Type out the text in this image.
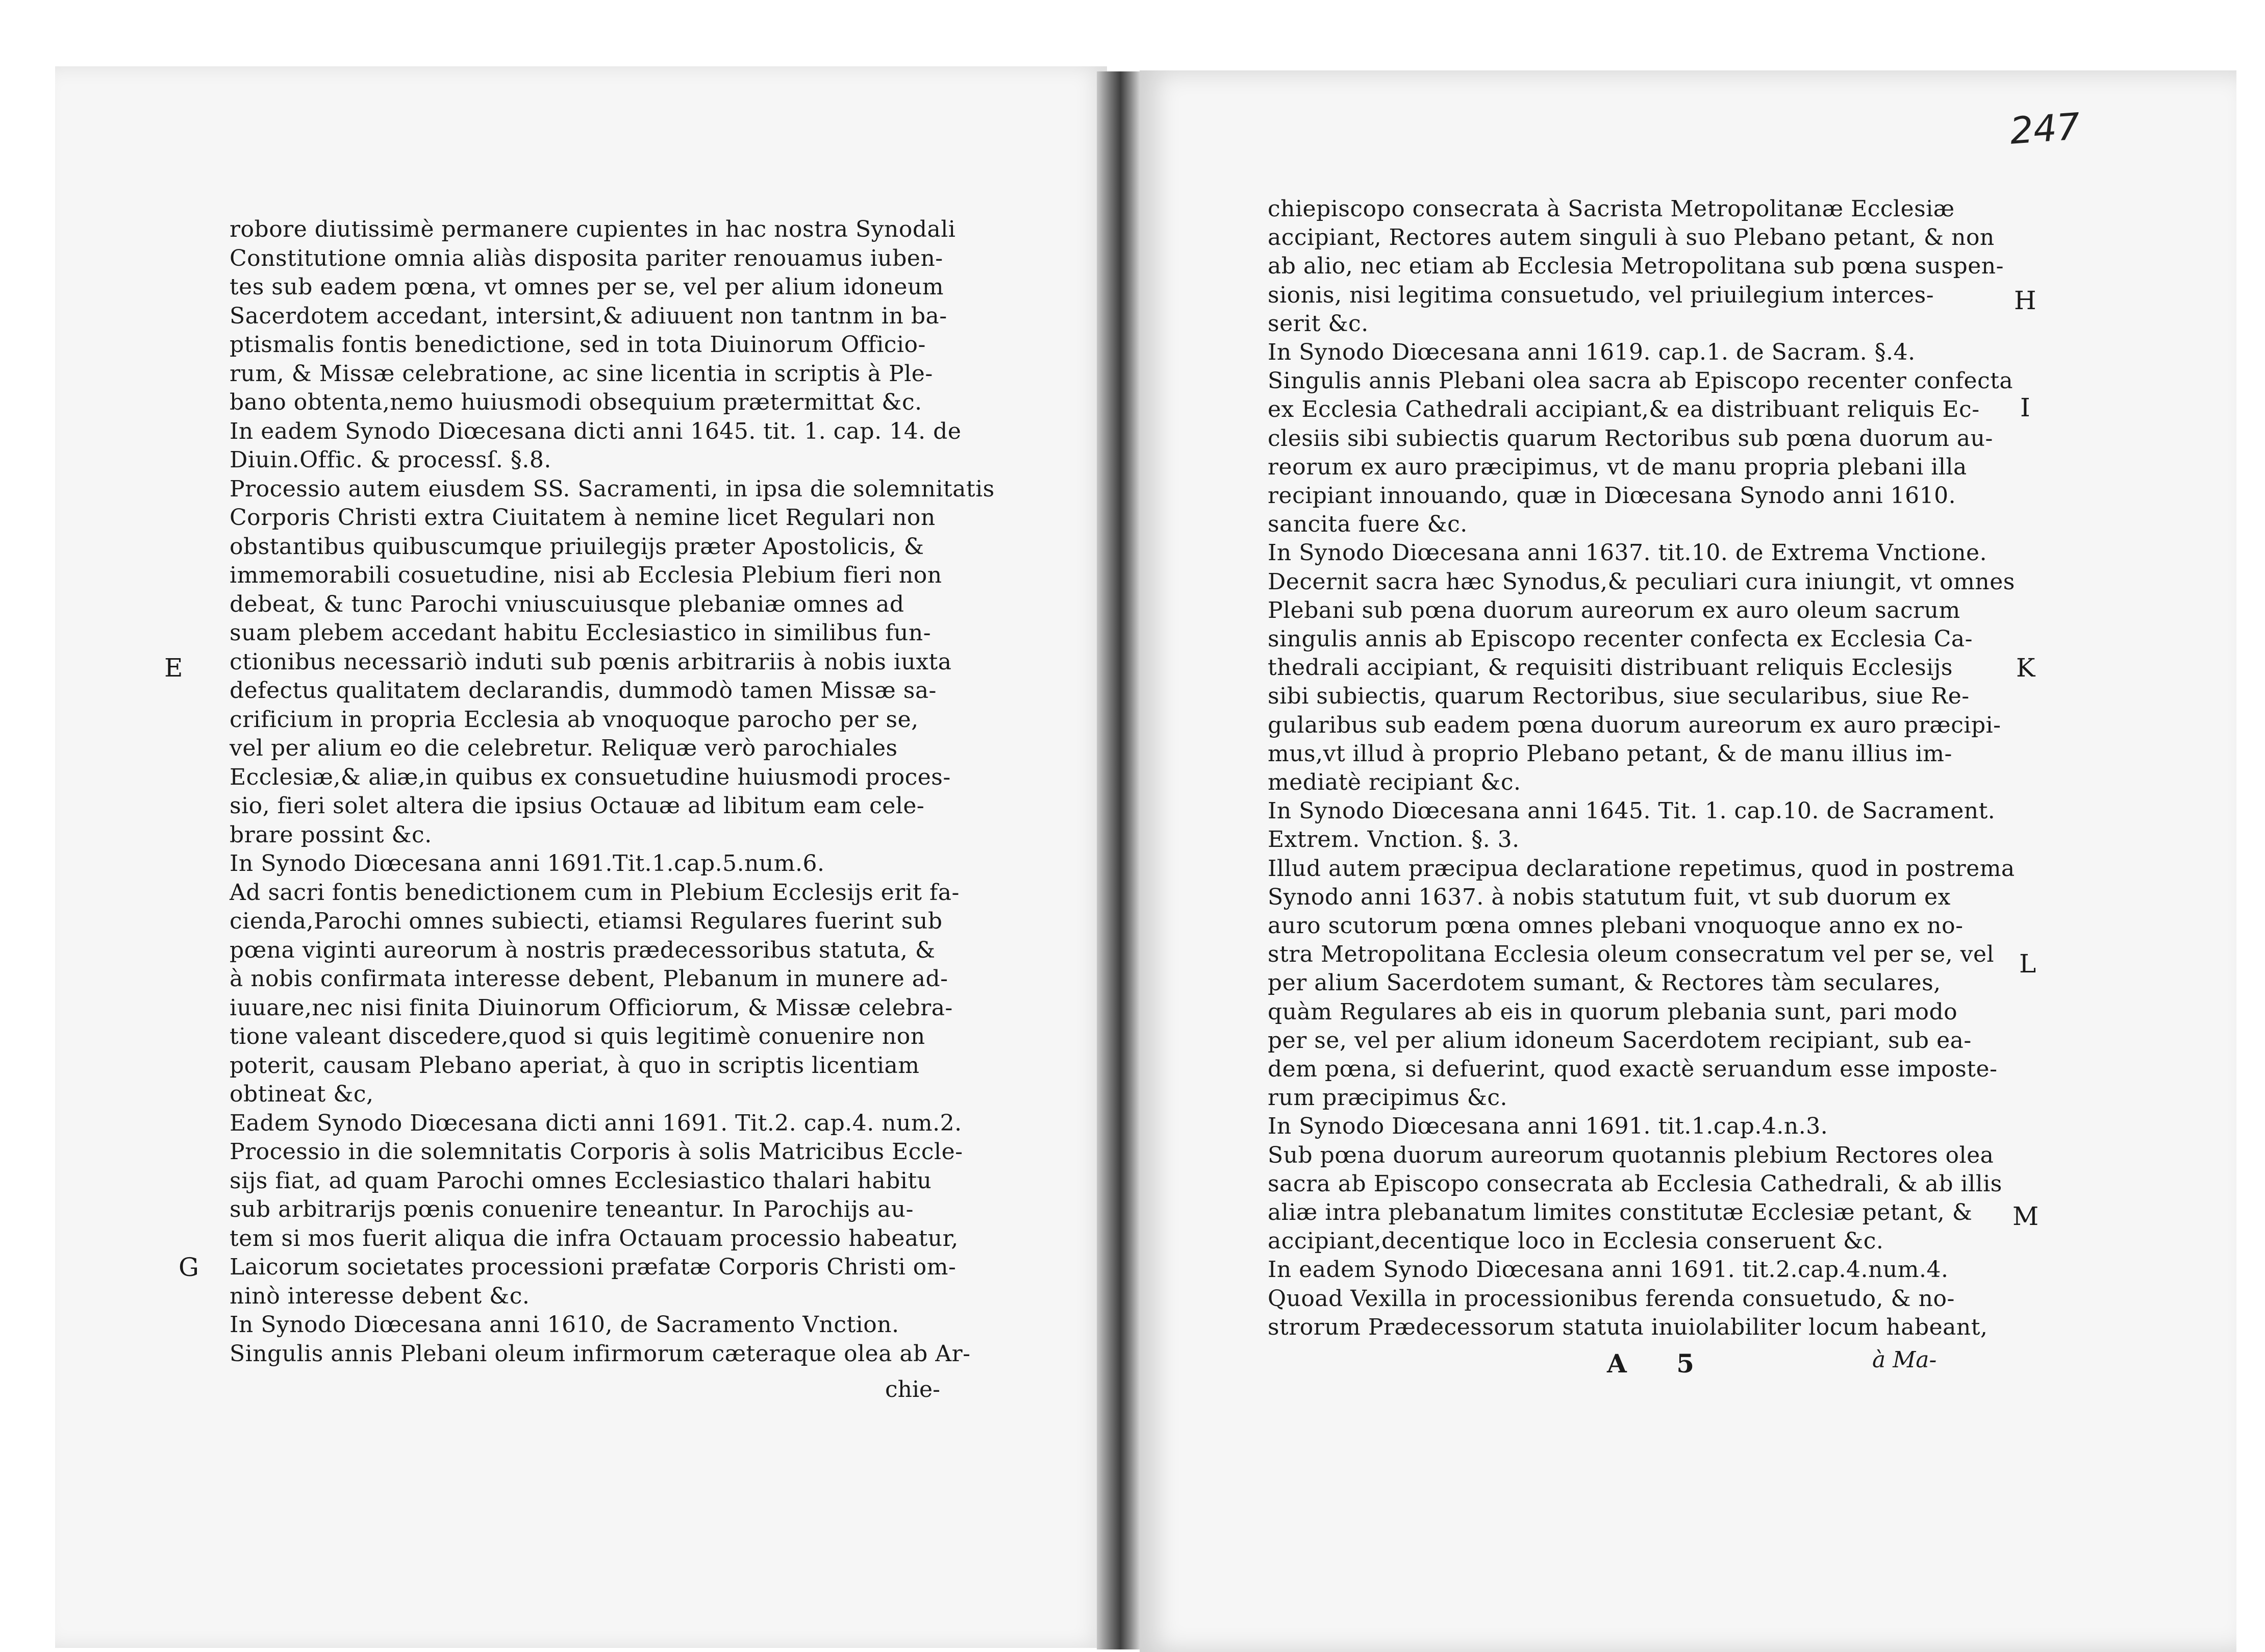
247
robore diutissimè permanere cupientes in hac nostra Synodali
Constitutione omnia aliàs disposita pariter renouamus iuben-
tes sub eadem pœna, vt omnes per se, vel per alium idoneum
Sacerdotem accedant, intersint,& adiuuent non tantnm in ba-
ptismalis fontis benedictione, sed in tota Diuinorum Officio-
rum, & Missæ celebratione, ac sine licentia in scriptis à Ple-
bano obtenta,nemo huiusmodi obsequium prætermittat &c.
In eadem Synodo Diœcesana dicti anni 1645. tit. 1. cap. 14. de
Diuin.Offic. & processſ. §.8.
Processio autem eiusdem SS. Sacramenti, in ipsa die solemnitatis
Corporis Christi extra Ciuitatem à nemine licet Regulari non
obstantibus quibuscumque priuilegijs præter Apostolicis, &
immemorabili cosuetudine, nisi ab Ecclesia Plebium fieri non
debeat, & tunc Parochi vniuscuiusque plebaniæ omnes ad
suam plebem accedant habitu Ecclesiastico in similibus fun-
ctionibus necessariò induti sub pœnis arbitrariis à nobis iuxta
defectus qualitatem declarandis, dummodò tamen Missæ sa-
crificium in propria Ecclesia ab vnoquoque parocho per se,
vel per alium eo die celebretur. Reliquæ verò parochiales
Ecclesiæ,& aliæ,in quibus ex consuetudine huiusmodi proces-
sio, fieri solet altera die ipsius Octauæ ad libitum eam cele-
brare possint &c.
In Synodo Diœcesana anni 1691.Tit.1.cap.5.num.6.
Ad sacri fontis benedictionem cum in Plebium Ecclesijs erit fa-
cienda,Parochi omnes subiecti, etiamsi Regulares fuerint sub
pœna viginti aureorum à nostris prædecessoribus statuta, &
à nobis confirmata interesse debent, Plebanum in munere ad-
iuuare,nec nisi finita Diuinorum Officiorum, & Missæ celebra-
tione valeant discedere,quod si quis legitimè conuenire non
poterit, causam Plebano aperiat, à quo in scriptis licentiam
obtineat &c,
Eadem Synodo Diœcesana dicti anni 1691. Tit.2. cap.4. num.2.
Processio in die solemnitatis Corporis à solis Matricibus Eccle-
sijs fiat, ad quam Parochi omnes Ecclesiastico thalari habitu
sub arbitrarijs pœnis conuenire teneantur. In Parochijs au-
tem si mos fuerit aliqua die infra Octauam processio habeatur,
Laicorum societates processioni præfatæ Corporis Christi om-
ninò interesse debent &c.
In Synodo Diœcesana anni 1610, de Sacramento Vnction.
Singulis annis Plebani oleum infirmorum cæteraque olea ab Ar-
chiepiscopo consecrata à Sacrista Metropolitanæ Ecclesiæ
accipiant, Rectores autem singuli à suo Plebano petant, & non
ab alio, nec etiam ab Ecclesia Metropolitana sub pœna suspen-
sionis, nisi legitima consuetudo, vel priuilegium interces-
serit &c.
In Synodo Diœcesana anni 1619. cap.1. de Sacram. §.4.
Singulis annis Plebani olea sacra ab Episcopo recenter confecta
ex Ecclesia Cathedrali accipiant,& ea distribuant reliquis Ec-
clesiis sibi subiectis quarum Rectoribus sub pœna duorum au-
reorum ex auro præcipimus, vt de manu propria plebani illa
recipiant innouando, quæ in Diœcesana Synodo anni 1610.
sancita fuere &c.
In Synodo Diœcesana anni 1637. tit.10. de Extrema Vnctione.
Decernit sacra hæc Synodus,& peculiari cura iniungit, vt omnes
Plebani sub pœna duorum aureorum ex auro oleum sacrum
singulis annis ab Episcopo recenter confecta ex Ecclesia Ca-
thedrali accipiant, & requisiti distribuant reliquis Ecclesijs
sibi subiectis, quarum Rectoribus, siue secularibus, siue Re-
gularibus sub eadem pœna duorum aureorum ex auro præcipi-
mus,vt illud à proprio Plebano petant, & de manu illius im-
mediatè recipiant &c.
In Synodo Diœcesana anni 1645. Tit. 1. cap.10. de Sacrament.
Extrem. Vnction. §. 3.
Illud autem præcipua declaratione repetimus, quod in postrema
Synodo anni 1637. à nobis statutum fuit, vt sub duorum ex
auro scutorum pœna omnes plebani vnoquoque anno ex no-
stra Metropolitana Ecclesia oleum consecratum vel per se, vel
per alium Sacerdotem sumant, & Rectores tàm seculares,
quàm Regulares ab eis in quorum plebania sunt, pari modo
per se, vel per alium idoneum Sacerdotem recipiant, sub ea-
dem pœna, si defuerint, quod exactè seruandum esse imposte-
rum præcipimus &c.
In Synodo Diœcesana anni 1691. tit.1.cap.4.n.3.
Sub pœna duorum aureorum quotannis plebium Rectores olea
sacra ab Episcopo consecrata ab Ecclesia Cathedrali, & ab illis
aliæ intra plebanatum limites constitutæ Ecclesiæ petant, &
accipiant,decentique loco in Ecclesia conseruent &c.
In eadem Synodo Diœcesana anni 1691. tit.2.cap.4.num.4.
Quoad Vexilla in processionibus ferenda consuetudo, & no-
strorum Prædecessorum statuta inuiolabiliter locum habeant,
chie-
A 5	à Ma-
E
G
H
I
K
L
M
